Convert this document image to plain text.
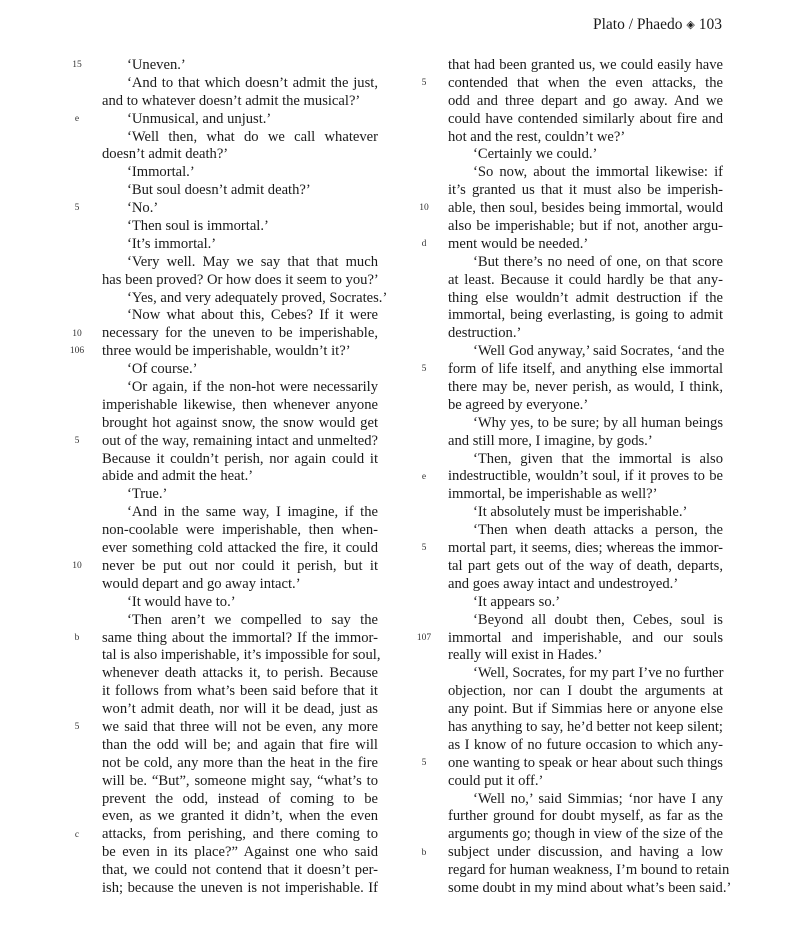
Plato / Phaedo ◈ 103
‘Uneven.’
‘And to that which doesn’t admit the just,
and to whatever doesn’t admit the musical?’
‘Unmusical, and unjust.’
‘Well then, what do we call whatever
doesn’t admit death?’
‘Immortal.’
‘But soul doesn’t admit death?’
‘No.’
‘Then soul is immortal.’
‘It’s immortal.’
‘Very well. May we say that that much
has been proved? Or how does it seem to you?’
‘Yes, and very adequately proved, Socrates.’
‘Now what about this, Cebes? If it were
necessary for the uneven to be imperishable,
three would be imperishable, wouldn’t it?’
‘Of course.’
‘Or again, if the non-hot were necessarily
imperishable likewise, then whenever anyone
brought hot against snow, the snow would get
out of the way, remaining intact and unmelted?
Because it couldn’t perish, nor again could it
abide and admit the heat.’
‘True.’
‘And in the same way, I imagine, if the
non-coolable were imperishable, then when-
ever something cold attacked the fire, it could
never be put out nor could it perish, but it
would depart and go away intact.’
‘It would have to.’
‘Then aren’t we compelled to say the
same thing about the immortal? If the immor-
tal is also imperishable, it’s impossible for soul,
whenever death attacks it, to perish. Because
it follows from what’s been said before that it
won’t admit death, nor will it be dead, just as
we said that three will not be even, any more
than the odd will be; and again that fire will
not be cold, any more than the heat in the fire
will be. “But”, someone might say, “what’s to
prevent the odd, instead of coming to be
even, as we granted it didn’t, when the even
attacks, from perishing, and there coming to
be even in its place?” Against one who said
that, we could not contend that it doesn’t per-
ish; because the uneven is not imperishable. If
that had been granted us, we could easily have
contended that when the even attacks, the
odd and three depart and go away. And we
could have contended similarly about fire and
hot and the rest, couldn’t we?’
‘Certainly we could.’
‘So now, about the immortal likewise: if
it’s granted us that it must also be imperish-
able, then soul, besides being immortal, would
also be imperishable; but if not, another argu-
ment would be needed.’
‘But there’s no need of one, on that score
at least. Because it could hardly be that any-
thing else wouldn’t admit destruction if the
immortal, being everlasting, is going to admit
destruction.’
‘Well God anyway,’ said Socrates, ‘and the
form of life itself, and anything else immortal
there may be, never perish, as would, I think,
be agreed by everyone.’
‘Why yes, to be sure; by all human beings
and still more, I imagine, by gods.’
‘Then, given that the immortal is also
indestructible, wouldn’t soul, if it proves to be
immortal, be imperishable as well?’
‘It absolutely must be imperishable.’
‘Then when death attacks a person, the
mortal part, it seems, dies; whereas the immor-
tal part gets out of the way of death, departs,
and goes away intact and undestroyed.’
‘It appears so.’
‘Beyond all doubt then, Cebes, soul is
immortal and imperishable, and our souls
really will exist in Hades.’
‘Well, Socrates, for my part I’ve no further
objection, nor can I doubt the arguments at
any point. But if Simmias here or anyone else
has anything to say, he’d better not keep silent;
as I know of no future occasion to which any-
one wanting to speak or hear about such things
could put it off.’
‘Well no,’ said Simmias; ‘nor have I any
further ground for doubt myself, as far as the
arguments go; though in view of the size of the
subject under discussion, and having a low
regard for human weakness, I’m bound to retain
some doubt in my mind about what’s been said.’
15
e
5
10
106
5
10
b
5
c
5
10
d
5
e
5
107
5
b
